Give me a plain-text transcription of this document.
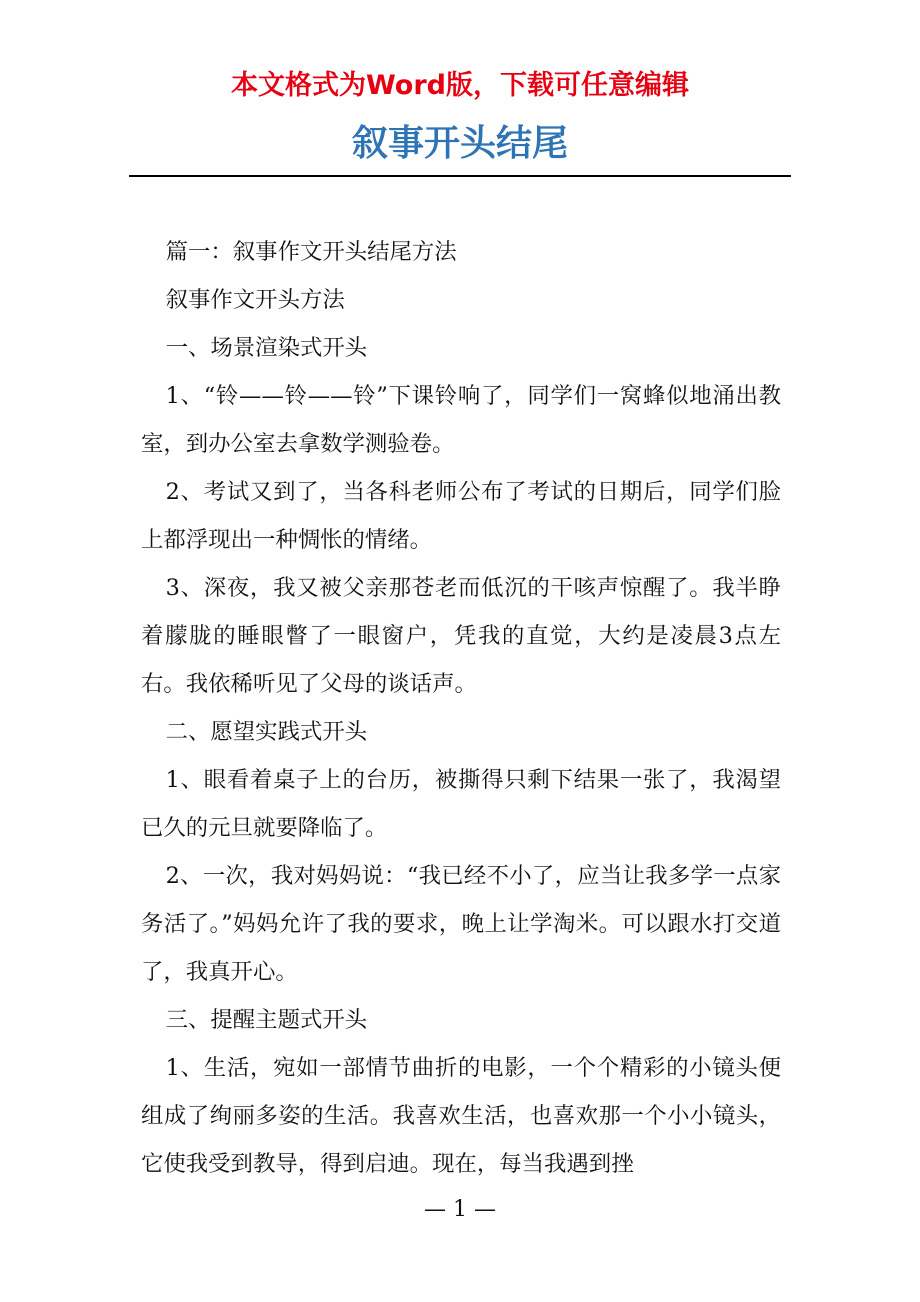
本文格式为Word版，下载可任意编辑
叙事开头结尾

篇一：叙事作文开头结尾方法

叙事作文开头方法

一、场景渲染式开头

1、“铃——铃——铃”下课铃响了，同学们一窝蜂似地涌出教室，到办公室去拿数学测验卷。

2、考试又到了，当各科老师公布了考试的日期后，同学们脸上都浮现出一种惆怅的情绪。

3、深夜，我又被父亲那苍老而低沉的干咳声惊醒了。我半睁着朦胧的睡眼瞥了一眼窗户，凭我的直觉，大约是凌晨3点左右。我依稀听见了父母的谈话声。

二、愿望实践式开头

1、眼看着桌子上的台历，被撕得只剩下结果一张了，我渴望已久的元旦就要降临了。

2、一次，我对妈妈说：“我已经不小了，应当让我多学一点家务活了。”妈妈允许了我的要求，晚上让学淘米。可以跟水打交道了，我真开心。

三、提醒主题式开头

1、生活，宛如一部情节曲折的电影，一个个精彩的小镜头便组成了绚丽多姿的生活。我喜欢生活，也喜欢那一个小小镜头，它使我受到教导，得到启迪。现在，每当我遇到挫

— 1 —
